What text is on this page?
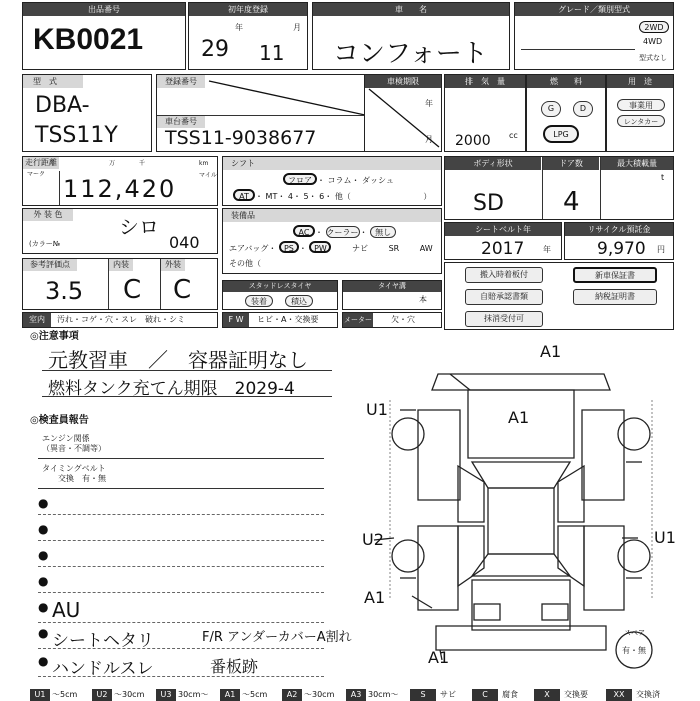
出品番号
KB0021
初年度登録
年	月
29 11
車　　名
コンフォート
グレード／類別型式
2WD
4WD
型式なし
型　式
DBA-
TSS11Y
登録番号
車台番号
TSS11-9038677
車検期限
年
月
排　気　量
2000 cc
燃　　料
G	D
LPG
用　途
事業用
レンタカー
走行距離
マーク
万	千	km
マイル
112,420
シフト
フロア ・ コラム・ ダッシュ
AT ・ MT・ 4・ 5・ 6・ 他（	）
ボディ形状	ドア数	最大積載量
SD 4
t
外 装 色
シロ
(カラー№	040
装備品
AC ・ クーラー・ 無し
エアバッグ・ PS ・ PW　	ナビ　	SR　	AW
その他（
シートベルト年
2017 年
リサイクル預託金
9,970 円
参考評価点	内装	外装
3.5 C C	スタッドレスタイヤ
装着	積込
タイヤ溝
本
搬入時着板付	新車保証書
自賠承認書類	納税証明書
抹消受付可
室内	汚れ・コゲ・穴・スレ　破れ・シミ	F W	ヒビ・A・交換要	メーター 欠・穴
◎注意事項
元教習車　／　容器証明なし
燃料タンク充てん期限　2029-4
◎検査員報告
エンジン関係
（異音・不調等）
タイミングベルト
交換　有・無
●
●
●
●
● AU
● シートヘタリ	F/R アンダーカバーA割れ
● ハンドルスレ	番板跡
A1
A1
U1
U2
A1
U1
A1
スペア
有・無
U1 ～5cm	U2 ～30cm	U3 30cm～	A1 ～5cm	A2 ～30cm	A3 30cm～	S	サビ	C	腐食	X	交換要	XX	交換済
